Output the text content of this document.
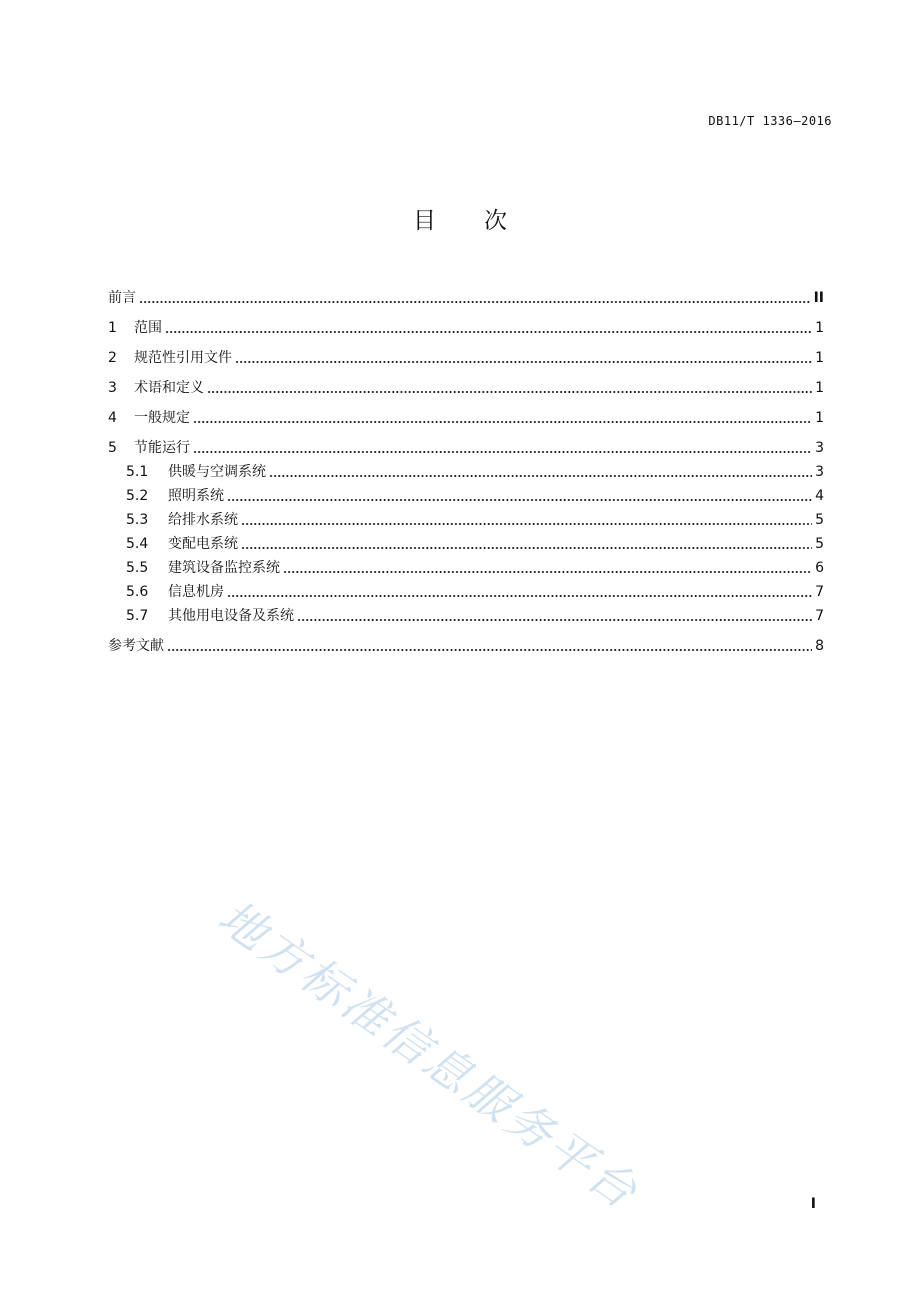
DB11/T 1336—2016
目次
前言	II
1	范围	1
2	规范性引用文件	1
3	术语和定义	1
4	一般规定	1
5	节能运行	3
5.1	供暖与空调系统	3
5.2	照明系统	4
5.3	给排水系统	5
5.4	变配电系统	5
5.5	建筑设备监控系统	6
5.6	信息机房	7
5.7	其他用电设备及系统	7
参考文献	8
地方标准信息服务平台	I
